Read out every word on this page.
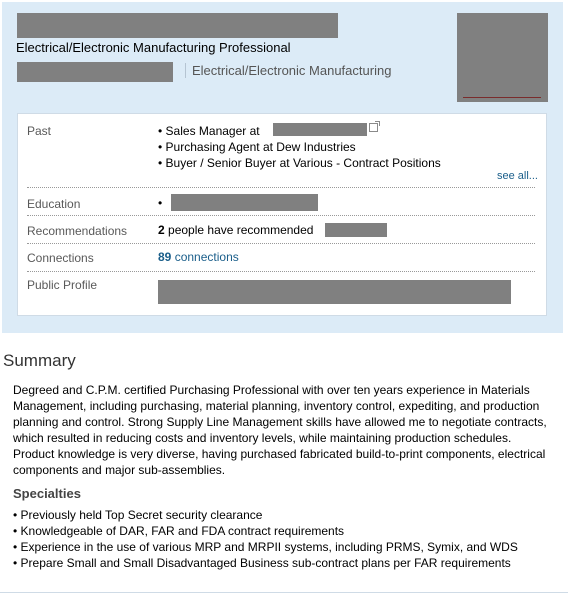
Electrical/Electronic Manufacturing Professional
Electrical/Electronic Manufacturing
Past	• Sales Manager at
• Purchasing Agent at Dew Industries
• Buyer / Senior Buyer at Various - Contract Positions
see all...
Education	•
Recommendations	2 people have recommended
Connections	89 connections
Public Profile
Summary
Degreed and C.P.M. certified Purchasing Professional with over ten years experience in Materials Management, including purchasing, material planning, inventory control, expediting, and production planning and control. Strong Supply Line Management skills have allowed me to negotiate contracts, which resulted in reducing costs and inventory levels, while maintaining production schedules. Product knowledge is very diverse, having purchased fabricated build-to-print components, electrical components and major sub-assemblies.
Specialties
• Previously held Top Secret security clearance
• Knowledgeable of DAR, FAR and FDA contract requirements
• Experience in the use of various MRP and MRPII systems, including PRMS, Symix, and WDS
• Prepare Small and Small Disadvantaged Business sub-contract plans per FAR requirements
